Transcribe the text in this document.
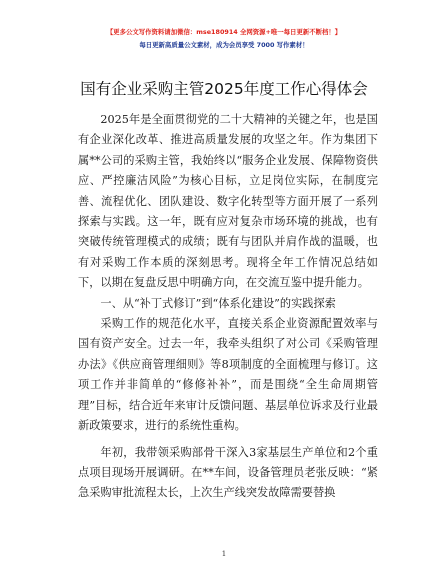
【更多公文写作资料请加微信：mse180914 全网资源+唯一每日更新不断档！】
每日更新高质量公文素材，成为会员享受 7000 写作素材！
国有企业采购主管2025年度工作心得体会

2025年是全面贯彻党的二十大精神的关键之年，也是国有企业深化改革、推进高质量发展的攻坚之年。作为集团下属**公司的采购主管，我始终以“服务企业发展、保障物资供应、严控廉洁风险”为核心目标，立足岗位实际，在制度完善、流程优化、团队建设、数字化转型等方面开展了一系列探索与实践。这一年，既有应对复杂市场环境的挑战，也有突破传统管理模式的成绩；既有与团队并肩作战的温暖，也有对采购工作本质的深刻思考。现将全年工作情况总结如下，以期在复盘反思中明确方向，在交流互鉴中提升能力。

一、从“补丁式修订”到“体系化建设”的实践探索

采购工作的规范化水平，直接关系企业资源配置效率与国有资产安全。过去一年，我牵头组织了对公司《采购管理办法》《供应商管理细则》等8项制度的全面梳理与修订。这项工作并非简单的“修修补补”，而是围绕“全生命周期管理”目标，结合近年来审计反馈问题、基层单位诉求及行业最新政策要求，进行的系统性重构。

年初，我带领采购部骨干深入3家基层生产单位和2个重点项目现场开展调研。在**车间，设备管理员老张反映：“紧急采购审批流程太长，上次生产线突发故障需要替换

1
